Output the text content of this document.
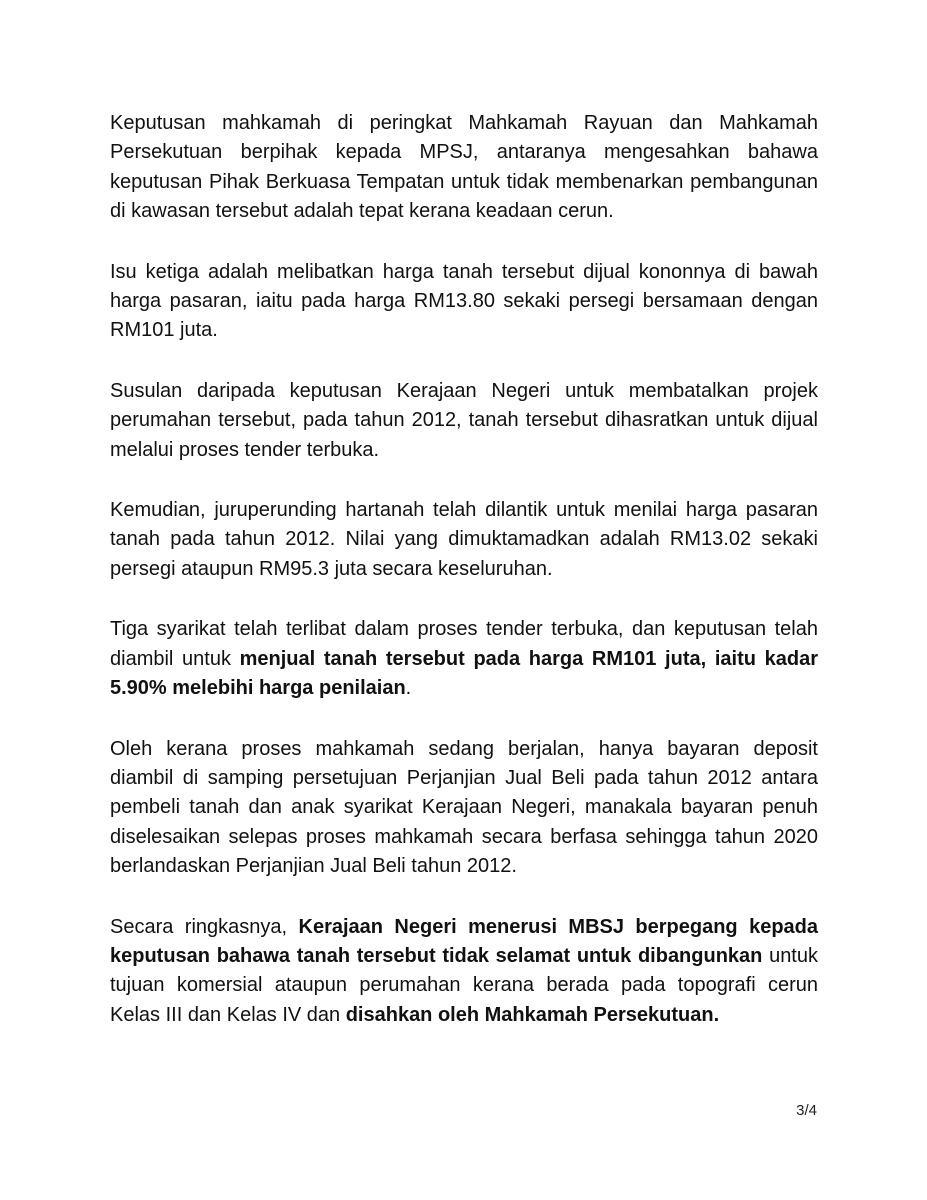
Keputusan mahkamah di peringkat Mahkamah Rayuan dan Mahkamah Persekutuan berpihak kepada MPSJ, antaranya mengesahkan bahawa keputusan Pihak Berkuasa Tempatan untuk tidak membenarkan pembangunan di kawasan tersebut adalah tepat kerana keadaan cerun.

Isu ketiga adalah melibatkan harga tanah tersebut dijual kononnya di bawah harga pasaran, iaitu pada harga RM13.80 sekaki persegi bersamaan dengan RM101 juta.

Susulan daripada keputusan Kerajaan Negeri untuk membatalkan projek perumahan tersebut, pada tahun 2012, tanah tersebut dihasratkan untuk dijual melalui proses tender terbuka.

Kemudian, juruperunding hartanah telah dilantik untuk menilai harga pasaran tanah pada tahun 2012. Nilai yang dimuktamadkan adalah RM13.02 sekaki persegi ataupun RM95.3 juta secara keseluruhan.

Tiga syarikat telah terlibat dalam proses tender terbuka, dan keputusan telah diambil untuk menjual tanah tersebut pada harga RM101 juta, iaitu kadar 5.90% melebihi harga penilaian.

Oleh kerana proses mahkamah sedang berjalan, hanya bayaran deposit diambil di samping persetujuan Perjanjian Jual Beli pada tahun 2012 antara pembeli tanah dan anak syarikat Kerajaan Negeri, manakala bayaran penuh diselesaikan selepas proses mahkamah secara berfasa sehingga tahun 2020 berlandaskan Perjanjian Jual Beli tahun 2012.

Secara ringkasnya, Kerajaan Negeri menerusi MBSJ berpegang kepada keputusan bahawa tanah tersebut tidak selamat untuk dibangunkan untuk tujuan komersial ataupun perumahan kerana berada pada topografi cerun Kelas III dan Kelas IV dan disahkan oleh Mahkamah Persekutuan.

3/4
